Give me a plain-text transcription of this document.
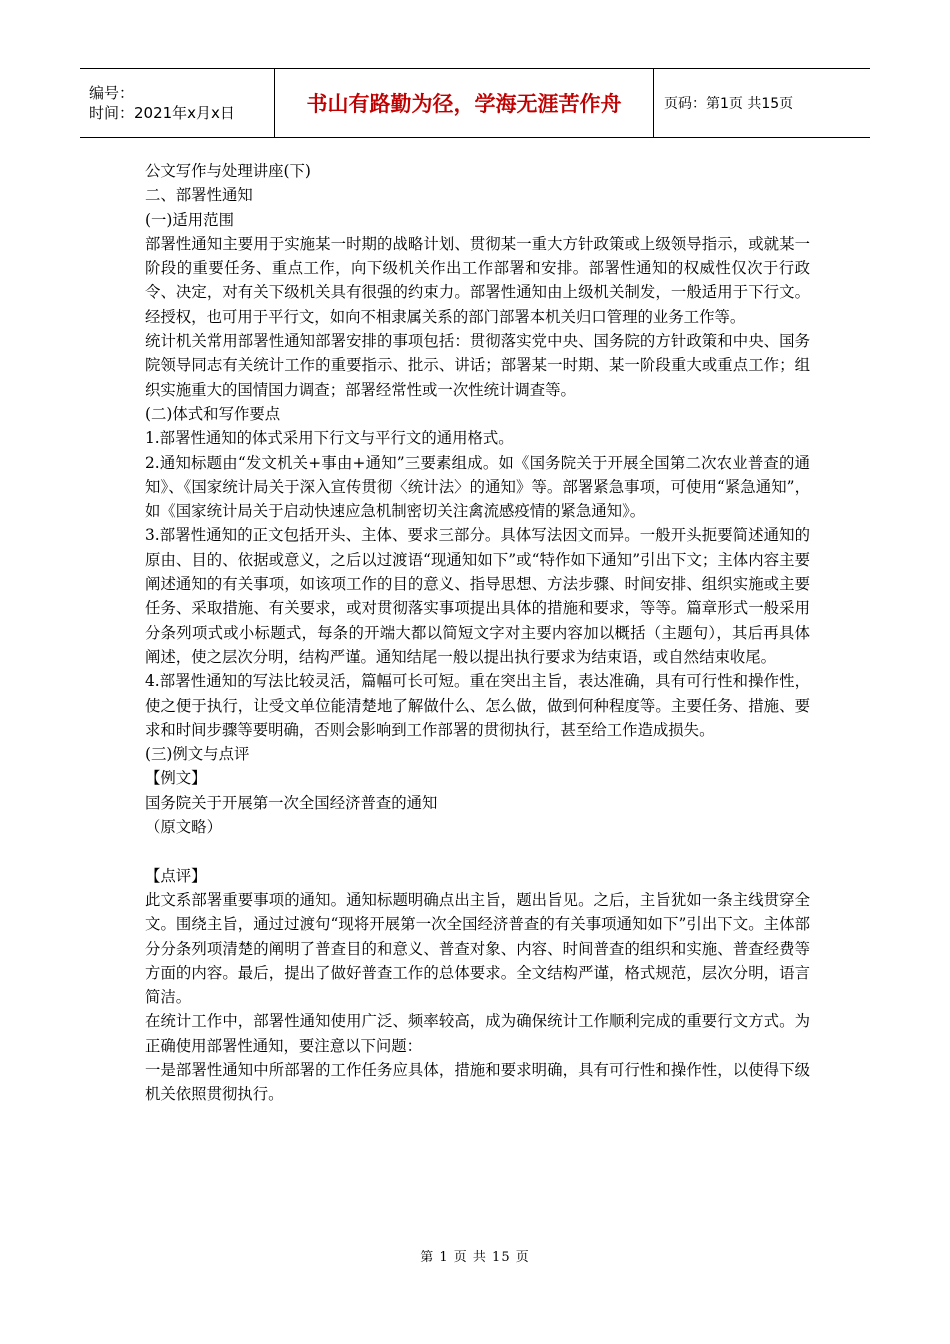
编号：
时间：2021年x月x日	书山有路勤为径，学海无涯苦作舟	页码：第1页 共15页

公文写作与处理讲座(下)

二、部署性通知

(一)适用范围

部署性通知主要用于实施某一时期的战略计划、贯彻某一重大方针政策或上级领导指示，或就某一阶段的重要任务、重点工作，向下级机关作出工作部署和安排。部署性通知的权威性仅次于行政令、决定，对有关下级机关具有很强的约束力。部署性通知由上级机关制发，一般适用于下行文。经授权，也可用于平行文，如向不相隶属关系的部门部署本机关归口管理的业务工作等。

统计机关常用部署性通知部署安排的事项包括：贯彻落实党中央、国务院的方针政策和中央、国务院领导同志有关统计工作的重要指示、批示、讲话；部署某一时期、某一阶段重大或重点工作；组织实施重大的国情国力调查；部署经常性或一次性统计调查等。

(二)体式和写作要点

1.部署性通知的体式采用下行文与平行文的通用格式。

2.通知标题由“发文机关+事由+通知”三要素组成。如《国务院关于开展全国第二次农业普查的通知》、《国家统计局关于深入宣传贯彻〈统计法〉的通知》等。部署紧急事项，可使用“紧急通知”，如《国家统计局关于启动快速应急机制密切关注禽流感疫情的紧急通知》。

3.部署性通知的正文包括开头、主体、要求三部分。具体写法因文而异。一般开头扼要简述通知的原由、目的、依据或意义，之后以过渡语“现通知如下”或“特作如下通知”引出下文；主体内容主要阐述通知的有关事项，如该项工作的目的意义、指导思想、方法步骤、时间安排、组织实施或主要任务、采取措施、有关要求，或对贯彻落实事项提出具体的措施和要求，等等。篇章形式一般采用分条列项式或小标题式，每条的开端大都以简短文字对主要内容加以概括（主题句），其后再具体阐述，使之层次分明，结构严谨。通知结尾一般以提出执行要求为结束语，或自然结束收尾。

4.部署性通知的写法比较灵活，篇幅可长可短。重在突出主旨，表达准确，具有可行性和操作性，使之便于执行，让受文单位能清楚地了解做什么、怎么做，做到何种程度等。主要任务、措施、要求和时间步骤等要明确，否则会影响到工作部署的贯彻执行，甚至给工作造成损失。

(三)例文与点评

【例文】

国务院关于开展第一次全国经济普查的通知

（原文略）

【点评】

此文系部署重要事项的通知。通知标题明确点出主旨，题出旨见。之后，主旨犹如一条主线贯穿全文。围绕主旨，通过过渡句“现将开展第一次全国经济普查的有关事项通知如下”引出下文。主体部分分条列项清楚的阐明了普查目的和意义、普查对象、内容、时间普查的组织和实施、普查经费等方面的内容。最后，提出了做好普查工作的总体要求。全文结构严谨，格式规范，层次分明，语言简洁。

在统计工作中，部署性通知使用广泛、频率较高，成为确保统计工作顺利完成的重要行文方式。为正确使用部署性通知，要注意以下问题：

一是部署性通知中所部署的工作任务应具体，措施和要求明确，具有可行性和操作性，以使得下级机关依照贯彻执行。

第 1 页 共 15 页
